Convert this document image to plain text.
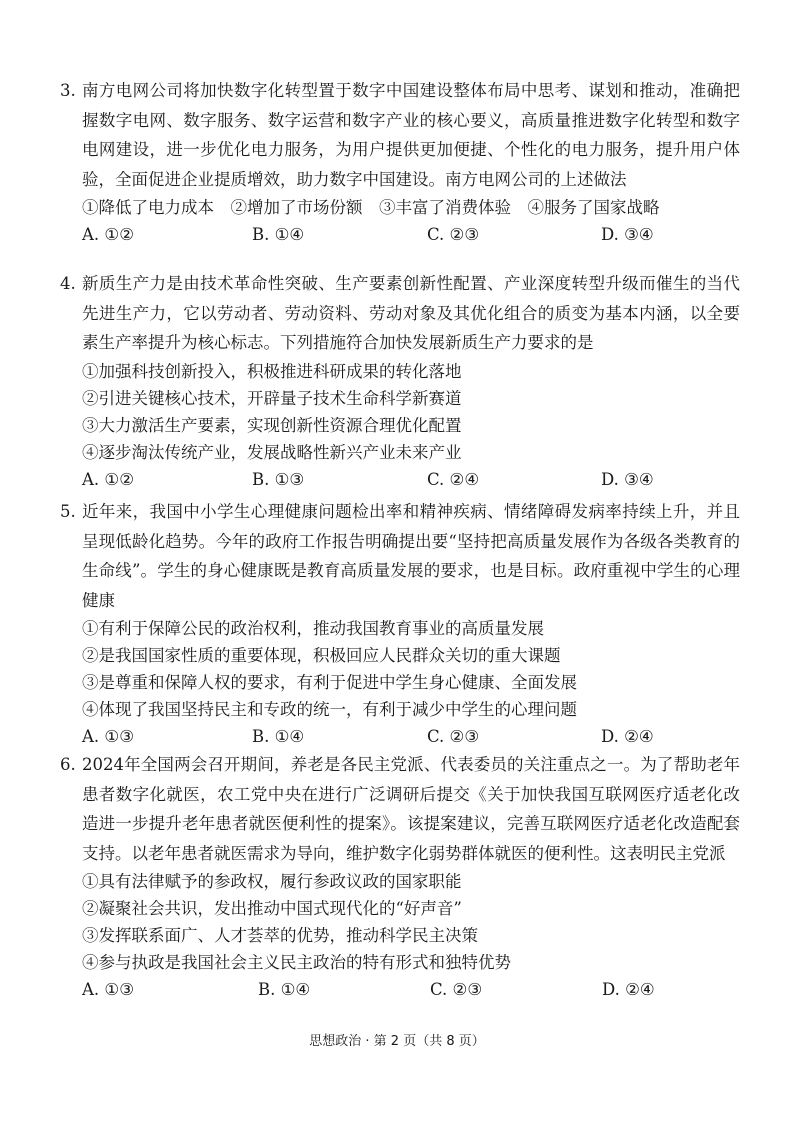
3. 南方电网公司将加快数字化转型置于数字中国建设整体布局中思考、谋划和推动，准确把握数字电网、数字服务、数字运营和数字产业的核心要义，高质量推进数字化转型和数字电网建设，进一步优化电力服务，为用户提供更加便捷、个性化的电力服务，提升用户体验，全面促进企业提质增效，助力数字中国建设。南方电网公司的上述做法
①降低了电力成本　②增加了市场份额　③丰富了消费体验　④服务了国家战略
A. ①②	B. ①④	C. ②③	D. ③④
4. 新质生产力是由技术革命性突破、生产要素创新性配置、产业深度转型升级而催生的当代先进生产力，它以劳动者、劳动资料、劳动对象及其优化组合的质变为基本内涵，以全要素生产率提升为核心标志。下列措施符合加快发展新质生产力要求的是
①加强科技创新投入，积极推进科研成果的转化落地
②引进关键核心技术，开辟量子技术生命科学新赛道
③大力激活生产要素，实现创新性资源合理优化配置
④逐步淘汰传统产业，发展战略性新兴产业未来产业
A. ①②	B. ①③	C. ②④	D. ③④
5. 近年来，我国中小学生心理健康问题检出率和精神疾病、情绪障碍发病率持续上升，并且呈现低龄化趋势。今年的政府工作报告明确提出要“坚持把高质量发展作为各级各类教育的生命线”。学生的身心健康既是教育高质量发展的要求，也是目标。政府重视中学生的心理健康
①有利于保障公民的政治权利，推动我国教育事业的高质量发展
②是我国国家性质的重要体现，积极回应人民群众关切的重大课题
③是尊重和保障人权的要求，有利于促进中学生身心健康、全面发展
④体现了我国坚持民主和专政的统一，有利于减少中学生的心理问题
A. ①③	B. ①④	C. ②③	D. ②④
6. 2024年全国两会召开期间，养老是各民主党派、代表委员的关注重点之一。为了帮助老年患者数字化就医，农工党中央在进行广泛调研后提交《关于加快我国互联网医疗适老化改造进一步提升老年患者就医便利性的提案》。该提案建议，完善互联网医疗适老化改造配套支持。以老年患者就医需求为导向，维护数字化弱势群体就医的便利性。这表明民主党派
①具有法律赋予的参政权，履行参政议政的国家职能
②凝聚社会共识，发出推动中国式现代化的“好声音”
③发挥联系面广、人才荟萃的优势，推动科学民主决策
④参与执政是我国社会主义民主政治的特有形式和独特优势
A. ①③	B. ①④	C. ②③	D. ②④
思想政治 · 第 2 页（共 8 页）
